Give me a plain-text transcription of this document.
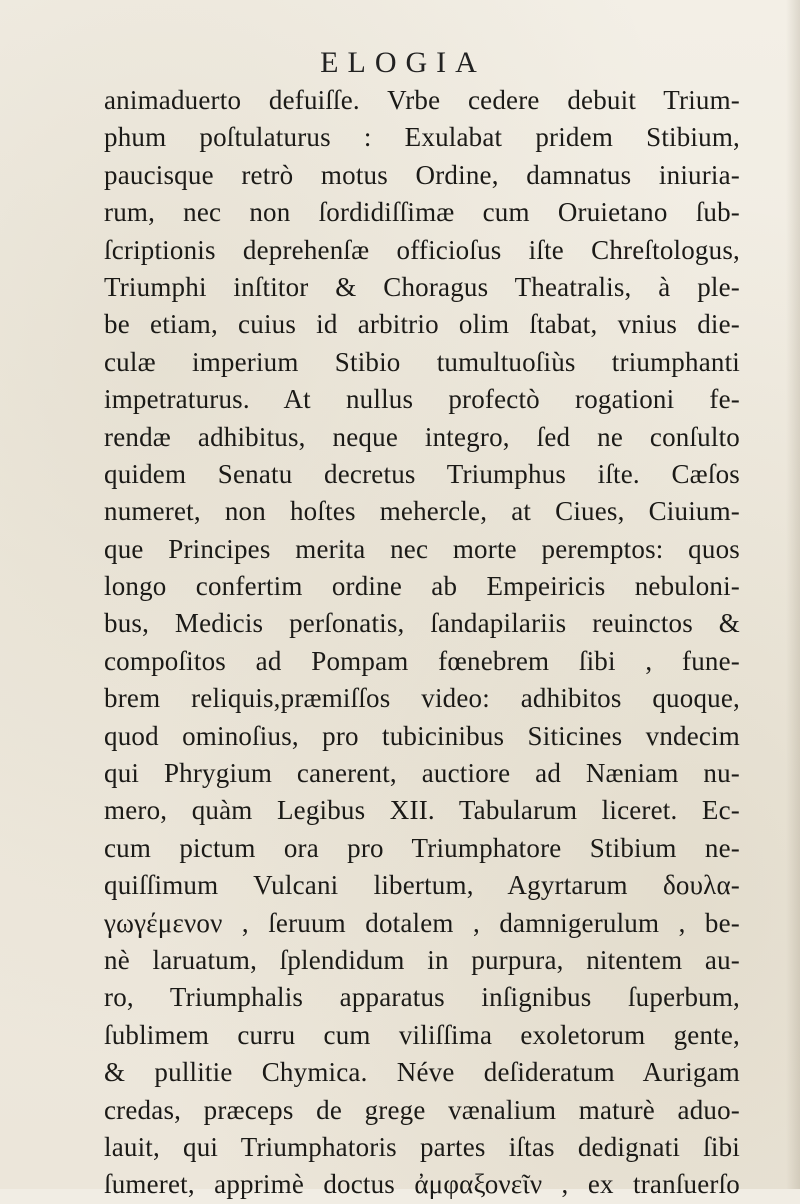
ELOGIA
animaduerto defuiſſe. Vrbe cedere debuit Trium-
phum poſtulaturus : Exulabat pridem Stibium,
paucisque retrò motus Ordine, damnatus iniuria-
rum, nec non ſordidiſſimæ cum Oruietano ſub-
ſcriptionis deprehenſæ officioſus iſte Chreſtologus,
Triumphi inſtitor & Choragus Theatralis, à ple-
be etiam, cuius id arbitrio olim ſtabat, vnius die-
culæ imperium Stibio tumultuoſiùs triumphanti
impetraturus. At nullus profectò rogationi fe-
rendæ adhibitus, neque integro, ſed ne conſulto
quidem Senatu decretus Triumphus iſte. Cæſos
numeret, non hoſtes mehercle, at Ciues, Ciuium-
que Principes merita nec morte peremptos: quos
longo confertim ordine ab Empeiricis nebuloni-
bus, Medicis perſonatis, ſandapilariis reuinctos &
compoſitos ad Pompam fœnebrem ſibi , fune-
brem reliquis,præmiſſos video: adhibitos quoque,
quod ominoſius, pro tubicinibus Siticines vndecim
qui Phrygium canerent, auctiore ad Næniam nu-
mero, quàm Legibus XII. Tabularum liceret. Ec-
cum pictum ora pro Triumphatore Stibium ne-
quiſſimum Vulcani libertum, Agyrtarum δουλα-
γωγέμενον , ſeruum dotalem , damnigerulum , be-
nè laruatum, ſplendidum in purpura, nitentem au-
ro, Triumphalis apparatus inſignibus ſuperbum,
ſublimem curru cum viliſſima exoletorum gente,
& pullitie Chymica. Néve deſideratum Aurigam
credas, præceps de grege vænalium maturè aduo-
lauit, qui Triumphatoris partes iſtas dedignati ſibi
ſumeret, apprimè doctus ἀμφαξονεῖν , ex tranſuerſo
